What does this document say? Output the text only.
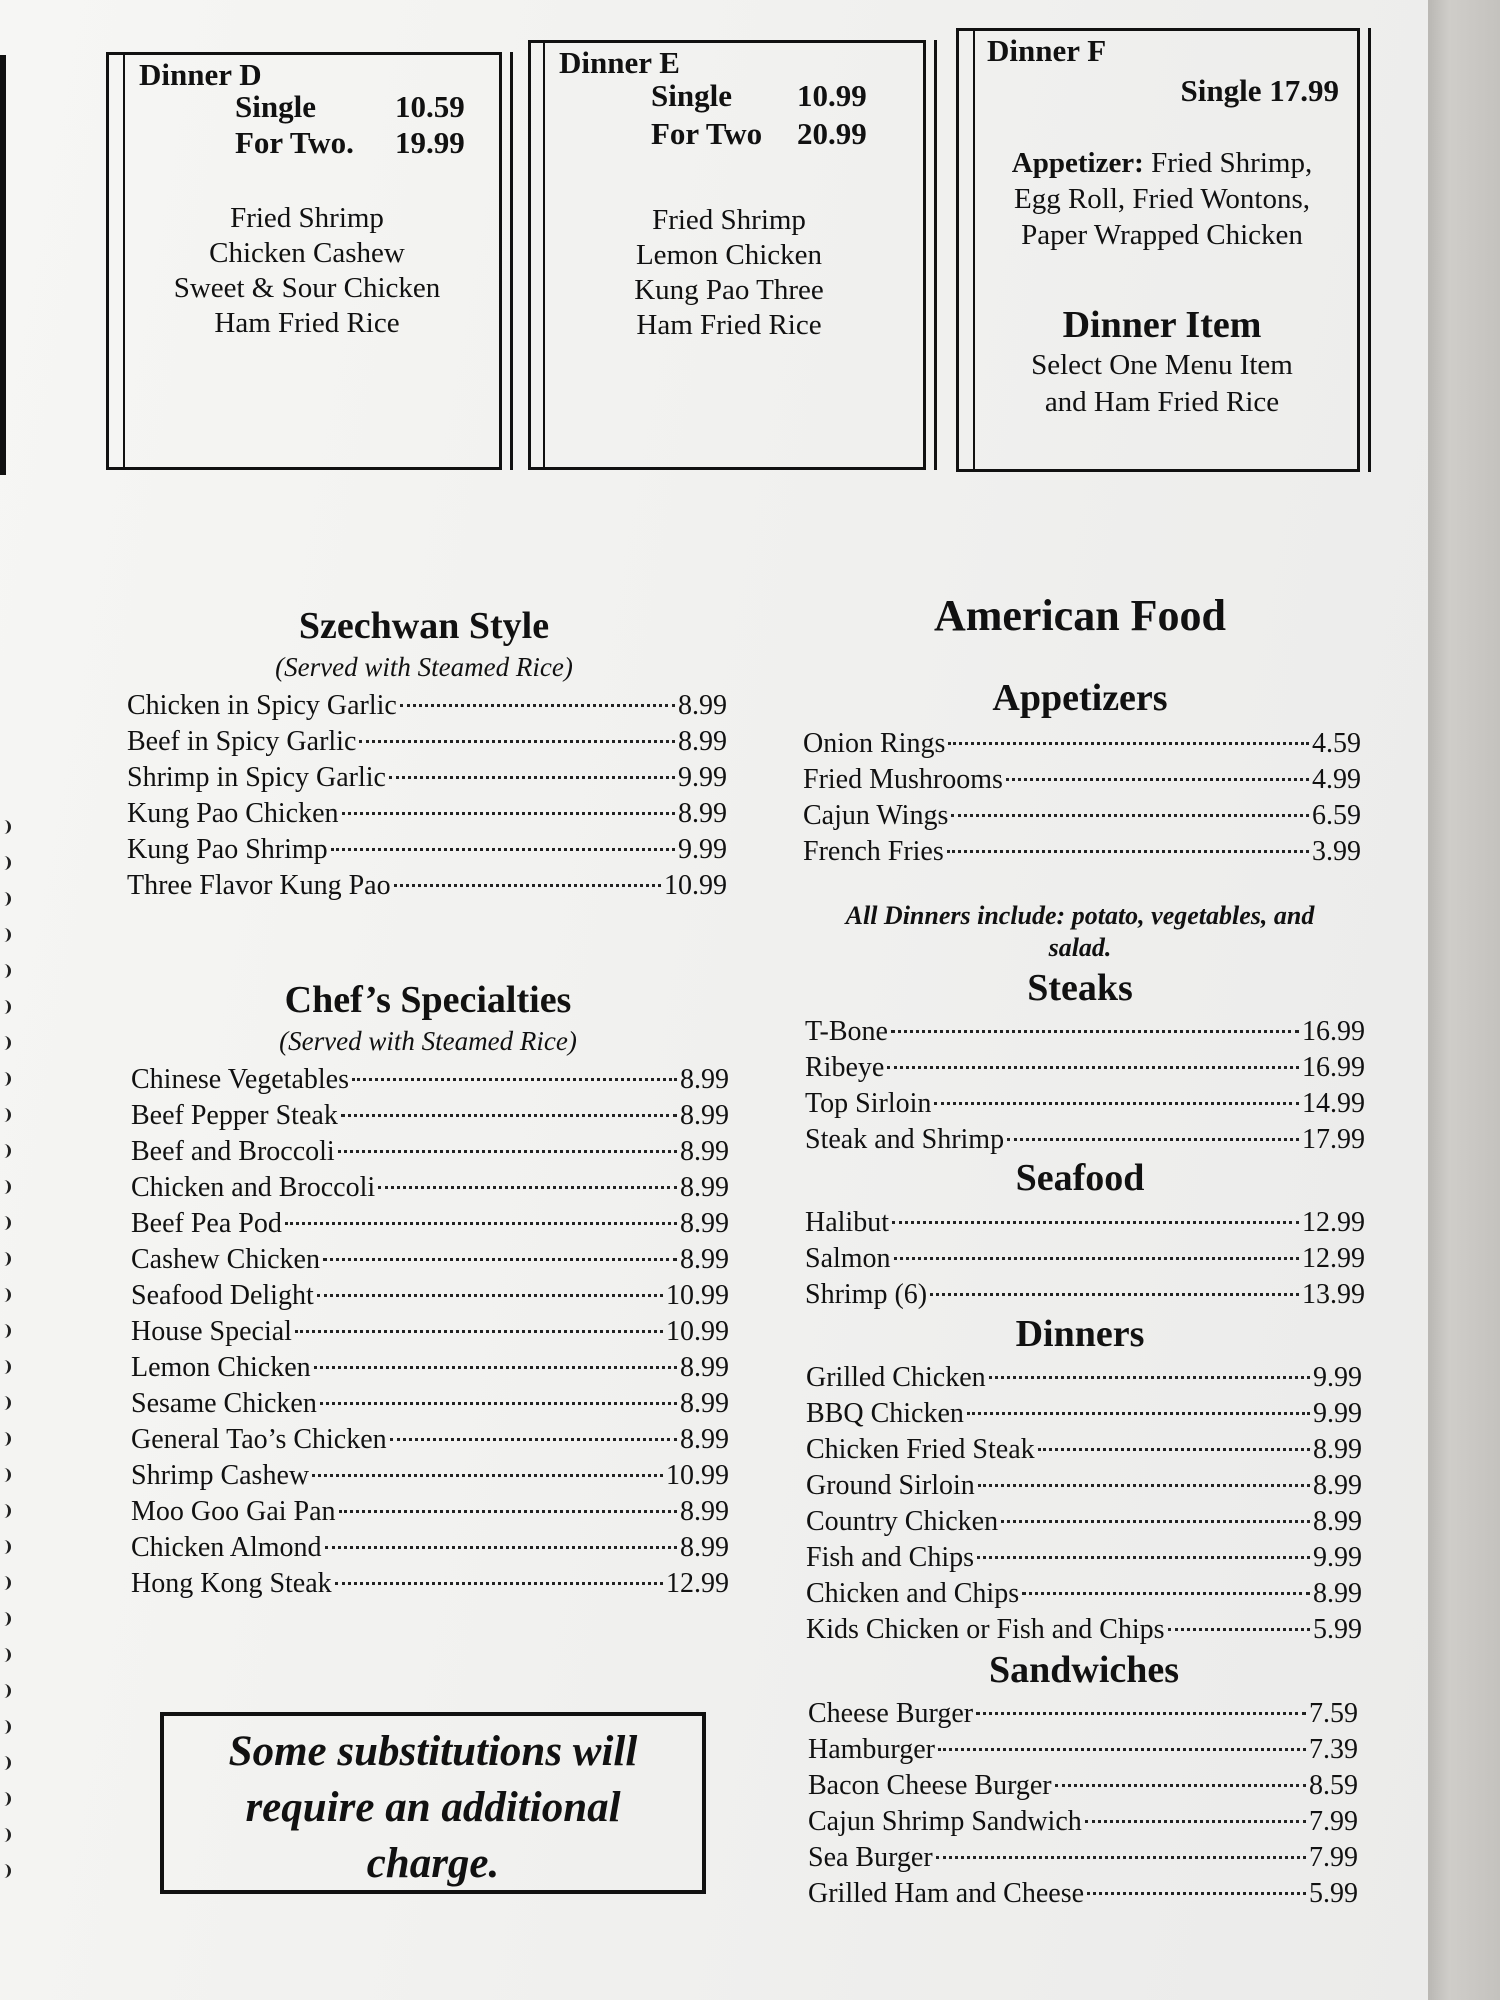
Dinner D
Single	10.59
For Two. 19.99
Fried Shrimp
Chicken Cashew
Sweet & Sour Chicken
Ham Fried Rice
Dinner E
Single 10.99
For Two 20.99
Fried Shrimp
Lemon Chicken
Kung Pao Three
Ham Fried Rice
Dinner F
Single 17.99
Appetizer: Fried Shrimp,
Egg Roll, Fried Wontons,
Paper Wrapped Chicken
Dinner Item
Select One Menu Item
and Ham Fried Rice
Szechwan Style
(Served with Steamed Rice)
Chicken in Spicy Garlic	8.99
Beef in Spicy Garlic	8.99
Shrimp in Spicy Garlic	9.99
Kung Pao Chicken	8.99
Kung Pao Shrimp	9.99
Three Flavor Kung Pao	10.99
Chef’s Specialties
(Served with Steamed Rice)
Chinese Vegetables	8.99
Beef Pepper Steak	8.99
Beef and Broccoli	8.99
Chicken and Broccoli	8.99
Beef Pea Pod	8.99
Cashew Chicken	8.99
Seafood Delight	10.99
House Special	10.99
Lemon Chicken	8.99
Sesame Chicken	8.99
General Tao’s Chicken	8.99
Shrimp Cashew	10.99
Moo Goo Gai Pan	8.99
Chicken Almond	8.99
Hong Kong Steak	12.99
Some substitutions will
require an additional
charge.
American Food
Appetizers
Onion Rings	4.59
Fried Mushrooms	4.99
Cajun Wings	6.59
French Fries	3.99
All Dinners include: potato, vegetables, and
salad.
Steaks
T-Bone	16.99
Ribeye	16.99
Top Sirloin	14.99
Steak and Shrimp	17.99
Seafood
Halibut	12.99
Salmon	12.99
Shrimp (6)	13.99
Dinners
Grilled Chicken	9.99
BBQ Chicken	9.99
Chicken Fried Steak	8.99
Ground Sirloin	8.99
Country Chicken	8.99
Fish and Chips	9.99
Chicken and Chips	8.99
Kids Chicken or Fish and Chips	5.99
Sandwiches
Cheese Burger	7.59
Hamburger	7.39
Bacon Cheese Burger	8.59
Cajun Shrimp Sandwich	7.99
Sea Burger	7.99
Grilled Ham and Cheese	5.99
